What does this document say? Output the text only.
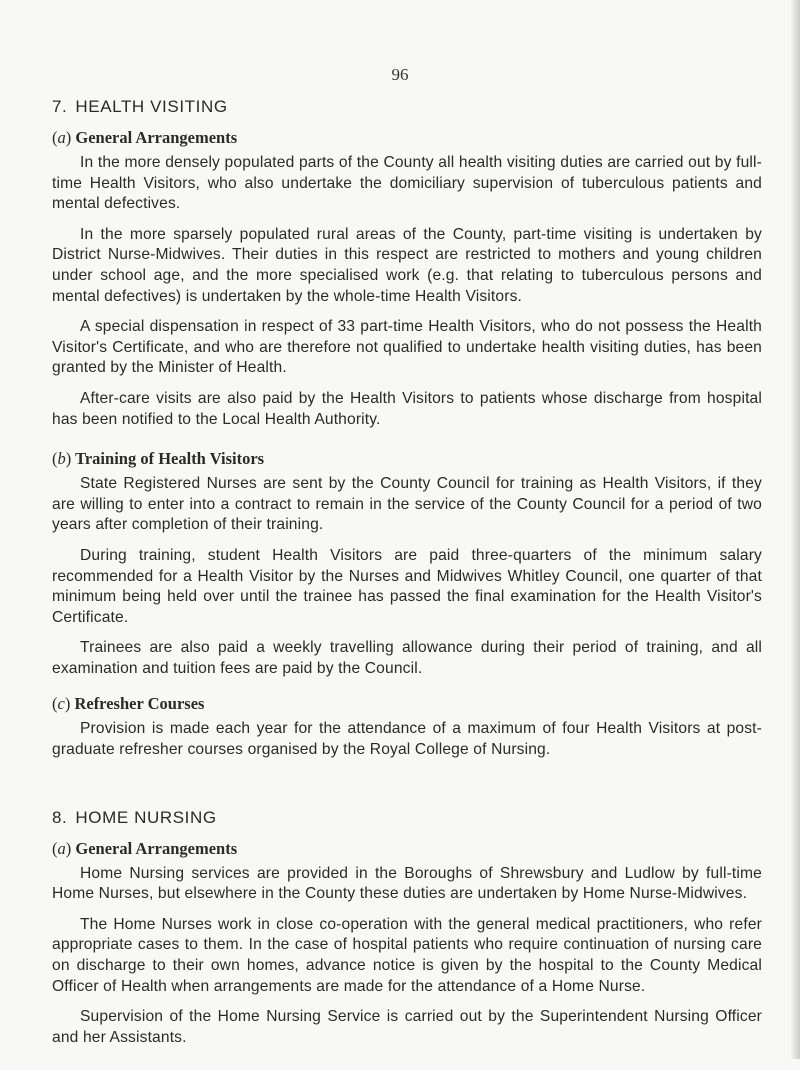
96
7. HEALTH VISITING
(a) General Arrangements

In the more densely populated parts of the County all health visiting duties are carried out by full-time Health Visitors, who also undertake the domiciliary supervision of tuberculous patients and mental defectives.

In the more sparsely populated rural areas of the County, part-time visiting is undertaken by District Nurse-Midwives. Their duties in this respect are restricted to mothers and young children under school age, and the more specialised work (e.g. that relating to tuberculous persons and mental defectives) is undertaken by the whole-time Health Visitors.

A special dispensation in respect of 33 part-time Health Visitors, who do not possess the Health Visitor's Certificate, and who are therefore not qualified to undertake health visiting duties, has been granted by the Minister of Health.

After-care visits are also paid by the Health Visitors to patients whose discharge from hospital has been notified to the Local Health Authority.

(b) Training of Health Visitors

State Registered Nurses are sent by the County Council for training as Health Visitors, if they are willing to enter into a contract to remain in the service of the County Council for a period of two years after completion of their training.

During training, student Health Visitors are paid three-quarters of the minimum salary recommended for a Health Visitor by the Nurses and Midwives Whitley Council, one quarter of that minimum being held over until the trainee has passed the final examination for the Health Visitor's Certificate.

Trainees are also paid a weekly travelling allowance during their period of training, and all examination and tuition fees are paid by the Council.

(c) Refresher Courses

Provision is made each year for the attendance of a maximum of four Health Visitors at post-graduate refresher courses organised by the Royal College of Nursing.

8. HOME NURSING
(a) General Arrangements

Home Nursing services are provided in the Boroughs of Shrewsbury and Ludlow by full-time Home Nurses, but elsewhere in the County these duties are undertaken by Home Nurse-Midwives.

The Home Nurses work in close co-operation with the general medical practitioners, who refer appropriate cases to them. In the case of hospital patients who require continuation of nursing care on discharge to their own homes, advance notice is given by the hospital to the County Medical Officer of Health when arrangements are made for the attendance of a Home Nurse.

Supervision of the Home Nursing Service is carried out by the Superintendent Nursing Officer and her Assistants.
